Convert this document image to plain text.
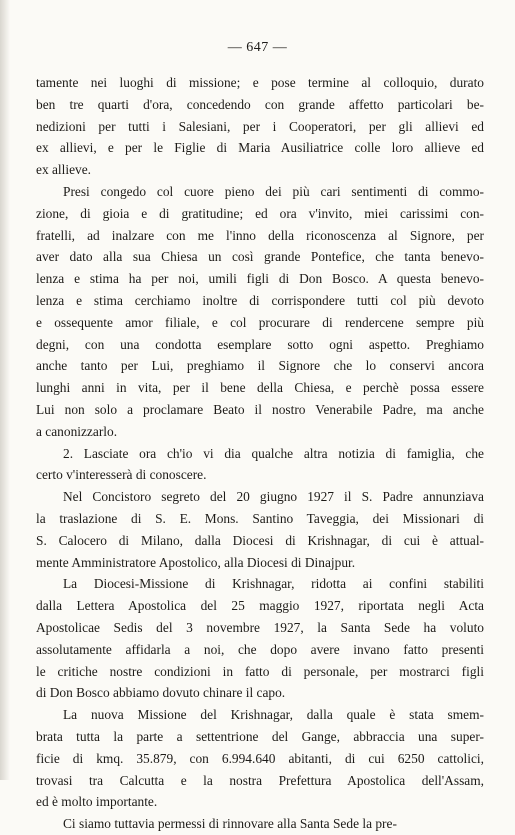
— 647 —
tamente nei luoghi di missione; e pose termine al colloquio, durato
ben tre quarti d'ora, concedendo con grande affetto particolari be-
nedizioni per tutti i Salesiani, per i Cooperatori, per gli allievi ed
ex allievi, e per le Figlie di Maria Ausiliatrice colle loro allieve ed
ex allieve.
Presi congedo col cuore pieno dei più cari sentimenti di commo-
zione, di gioia e di gratitudine; ed ora v'invito, miei carissimi con-
fratelli, ad inalzare con me l'inno della riconoscenza al Signore, per
aver dato alla sua Chiesa un così grande Pontefice, che tanta benevo-
lenza e stima ha per noi, umili figli di Don Bosco. A questa benevo-
lenza e stima cerchiamo inoltre di corrispondere tutti col più devoto
e ossequente amor filiale, e col procurare di rendercene sempre più
degni, con una condotta esemplare sotto ogni aspetto. Preghiamo
anche tanto per Lui, preghiamo il Signore che lo conservi ancora
lunghi anni in vita, per il bene della Chiesa, e perchè possa essere
Lui non solo a proclamare Beato il nostro Venerabile Padre, ma anche
a canonizzarlo.
2. Lasciate ora ch'io vi dia qualche altra notizia di famiglia, che
certo v'interesserà di conoscere.
Nel Concistoro segreto del 20 giugno 1927 il S. Padre annunziava
la traslazione di S. E. Mons. Santino Taveggia, dei Missionari di
S. Calocero di Milano, dalla Diocesi di Krishnagar, di cui è attual-
mente Amministratore Apostolico, alla Diocesi di Dinajpur.
La Diocesi-Missione di Krishnagar, ridotta ai confini stabiliti
dalla Lettera Apostolica del 25 maggio 1927, riportata negli Acta
Apostolicae Sedis del 3 novembre 1927, la Santa Sede ha voluto
assolutamente affidarla a noi, che dopo avere invano fatto presenti
le critiche nostre condizioni in fatto di personale, per mostrarci figli
di Don Bosco abbiamo dovuto chinare il capo.
La nuova Missione del Krishnagar, dalla quale è stata smem-
brata tutta la parte a settentrione del Gange, abbraccia una super-
ficie di kmq. 35.879, con 6.994.640 abitanti, di cui 6250 cattolici,
trovasi tra Calcutta e la nostra Prefettura Apostolica dell'Assam,
ed è molto importante.
Ci siamo tuttavia permessi di rinnovare alla Santa Sede la pre-
